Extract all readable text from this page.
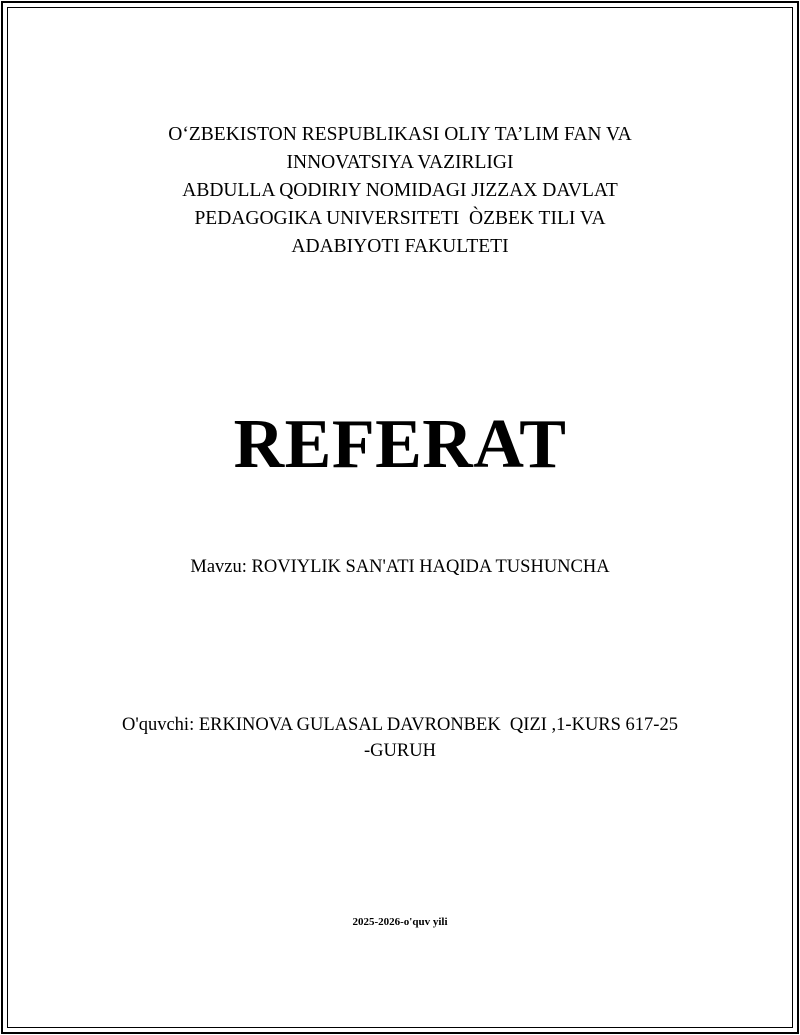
O‘ZBEKISTON RESPUBLIKASI OLIY TA’LIM FAN VA
INNOVATSIYA VAZIRLIGI
ABDULLA QODIRIY NOMIDAGI JIZZAX DAVLAT
PEDAGOGIKA UNIVERSITETI  ÒZBEK TILI VA
ADABIYOTI FAKULTETI
REFERAT
Mavzu: ROVIYLIK SAN'ATI HAQIDA TUSHUNCHA
O'quvchi: ERKINOVA GULASAL DAVRONBEK  QIZI ,1-KURS 617-25
-GURUH
2025-2026-o'quv yili
